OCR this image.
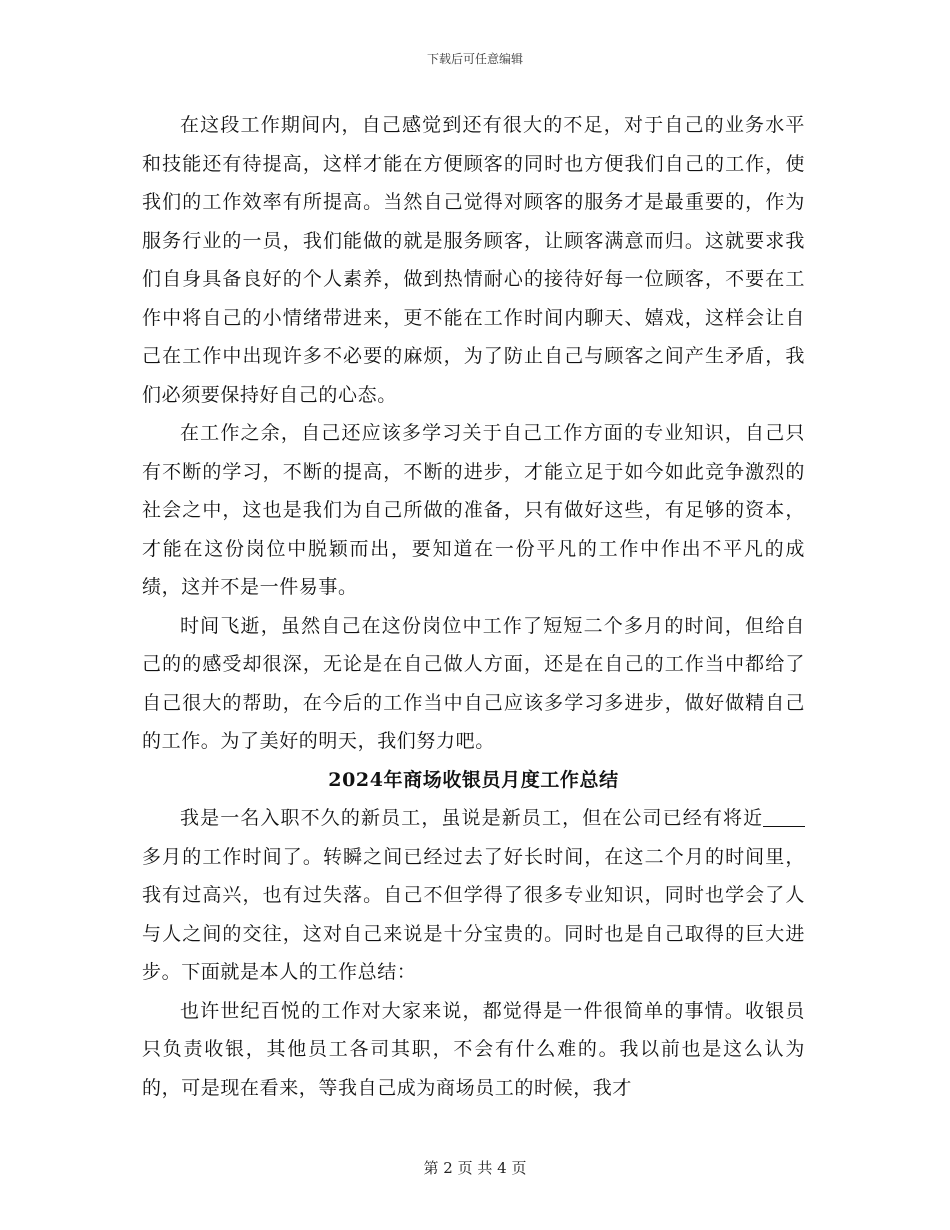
下载后可任意编辑

在这段工作期间内，自己感觉到还有很大的不足，对于自己的业务水平和技能还有待提高，这样才能在方便顾客的同时也方便我们自己的工作，使我们的工作效率有所提高。当然自己觉得对顾客的服务才是最重要的，作为服务行业的一员，我们能做的就是服务顾客，让顾客满意而归。这就要求我们自身具备良好的个人素养，做到热情耐心的接待好每一位顾客，不要在工作中将自己的小情绪带进来，更不能在工作时间内聊天、嬉戏，这样会让自己在工作中出现许多不必要的麻烦，为了防止自己与顾客之间产生矛盾，我们必须要保持好自己的心态。

在工作之余，自己还应该多学习关于自己工作方面的专业知识，自己只有不断的学习，不断的提高，不断的进步，才能立足于如今如此竞争激烈的社会之中，这也是我们为自己所做的准备，只有做好这些，有足够的资本，才能在这份岗位中脱颖而出，要知道在一份平凡的工作中作出不平凡的成绩，这并不是一件易事。

时间飞逝，虽然自己在这份岗位中工作了短短二个多月的时间，但给自己的的感受却很深，无论是在自己做人方面，还是在自己的工作当中都给了自己很大的帮助，在今后的工作当中自己应该多学习多进步，做好做精自己的工作。为了美好的明天，我们努力吧。

2024年商场收银员月度工作总结

我是一名入职不久的新员工，虽说是新员工，但在公司已经有将近多月的工作时间了。转瞬之间已经过去了好长时间，在这二个月的时间里，我有过高兴，也有过失落。自己不但学得了很多专业知识，同时也学会了人与人之间的交往，这对自己来说是十分宝贵的。同时也是自己取得的巨大进步。下面就是本人的工作总结：

也许世纪百悦的工作对大家来说，都觉得是一件很简单的事情。收银员只负责收银，其他员工各司其职，不会有什么难的。我以前也是这么认为的，可是现在看来，等我自己成为商场员工的时候，我才

第 2 页 共 4 页
